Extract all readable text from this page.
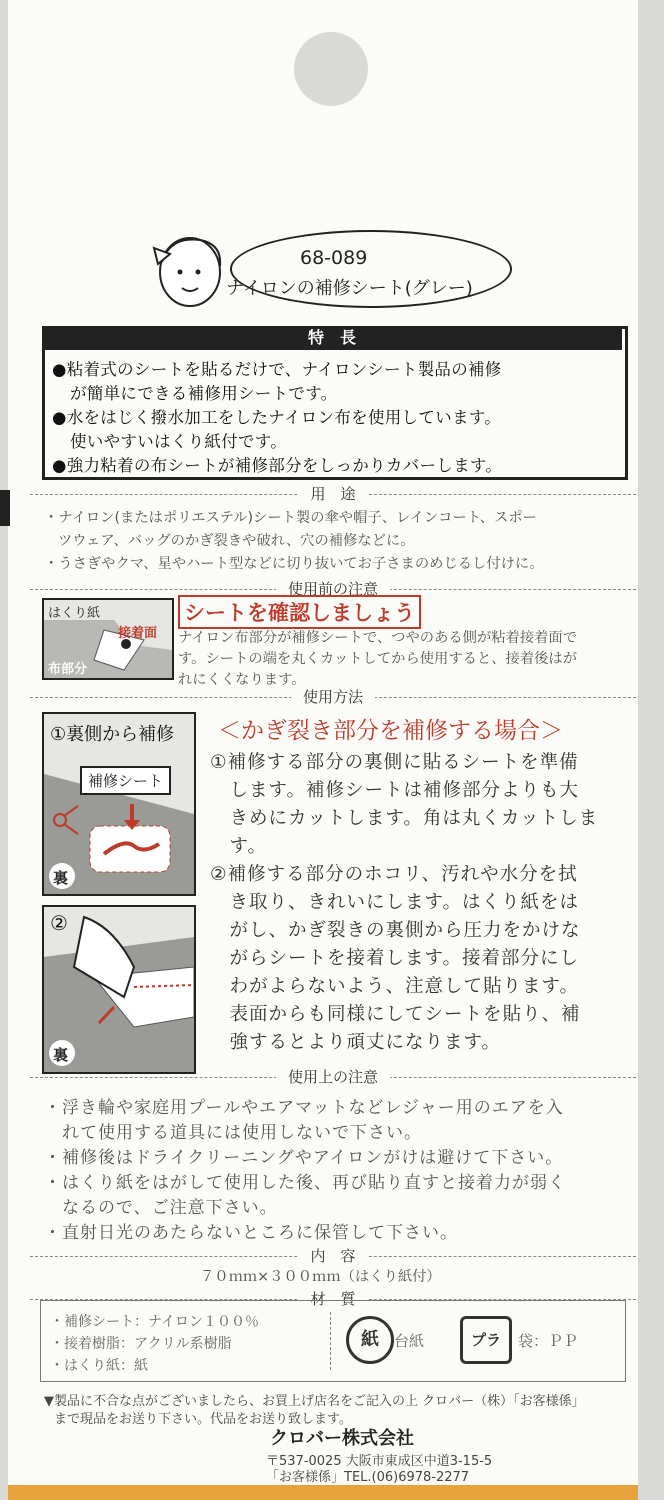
68-089
ナイロンの補修シート(グレー)
特　長
●粘着式のシートを貼るだけで、ナイロンシート製品の補修
が簡単にできる補修用シートです。
●水をはじく撥水加工をしたナイロン布を使用しています。
使いやすいはくり紙付です。
●強力粘着の布シートが補修部分をしっかりカバーします。
用　途
・ナイロン(またはポリエステル)シート製の傘や帽子、レインコート、スポー
ツウェア、バッグのかぎ裂きや破れ、穴の補修などに。
・うさぎやクマ、星やハート型などに切り抜いてお子さまのめじるし付けに。
使用前の注意
はくり紙
接着面
布部分
シートを確認しましょう
ナイロン布部分が補修シートで、つやのある側が粘着接着面で
す。シートの端を丸くカットしてから使用すると、接着後はが
れにくくなります。
使用方法
①裏側から補修
補修シート
裏
②
裏
＜かぎ裂き部分を補修する場合＞
①補修する部分の裏側に貼るシートを準備
　します。補修シートは補修部分よりも大
　きめにカットします。角は丸くカットしま
　す。
②補修する部分のホコリ、汚れや水分を拭
　き取り、きれいにします。はくり紙をは
　がし、かぎ裂きの裏側から圧力をかけな
　がらシートを接着します。接着部分にし
　わがよらないよう、注意して貼ります。
　表面からも同様にしてシートを貼り、補
　強するとより頑丈になります。
使用上の注意
・浮き輪や家庭用プールやエアマットなどレジャー用のエアを入
　れて使用する道具には使用しないで下さい。
・補修後はドライクリーニングやアイロンがけは避けて下さい。
・はくり紙をはがして使用した後、再び貼り直すと接着力が弱く
　なるので、ご注意下さい。
・直射日光のあたらないところに保管して下さい。
内　容
７０ｍｍ×３００ｍｍ（はくり紙付）
材　質
・補修シート：ナイロン１００％
・接着樹脂：アクリル系樹脂
・はくり紙：紙
紙	台紙	プラ	袋：ＰＰ
▼製品に不合な点がございましたら、お買上げ店名をご記入の上 クロバー（株）「お客様係」
まで現品をお送り下さい。代品をお送り致します。
クロバー株式会社
〒537-0025 大阪市東成区中道3-15-5
「お客様係」TEL.(06)6978-2277
